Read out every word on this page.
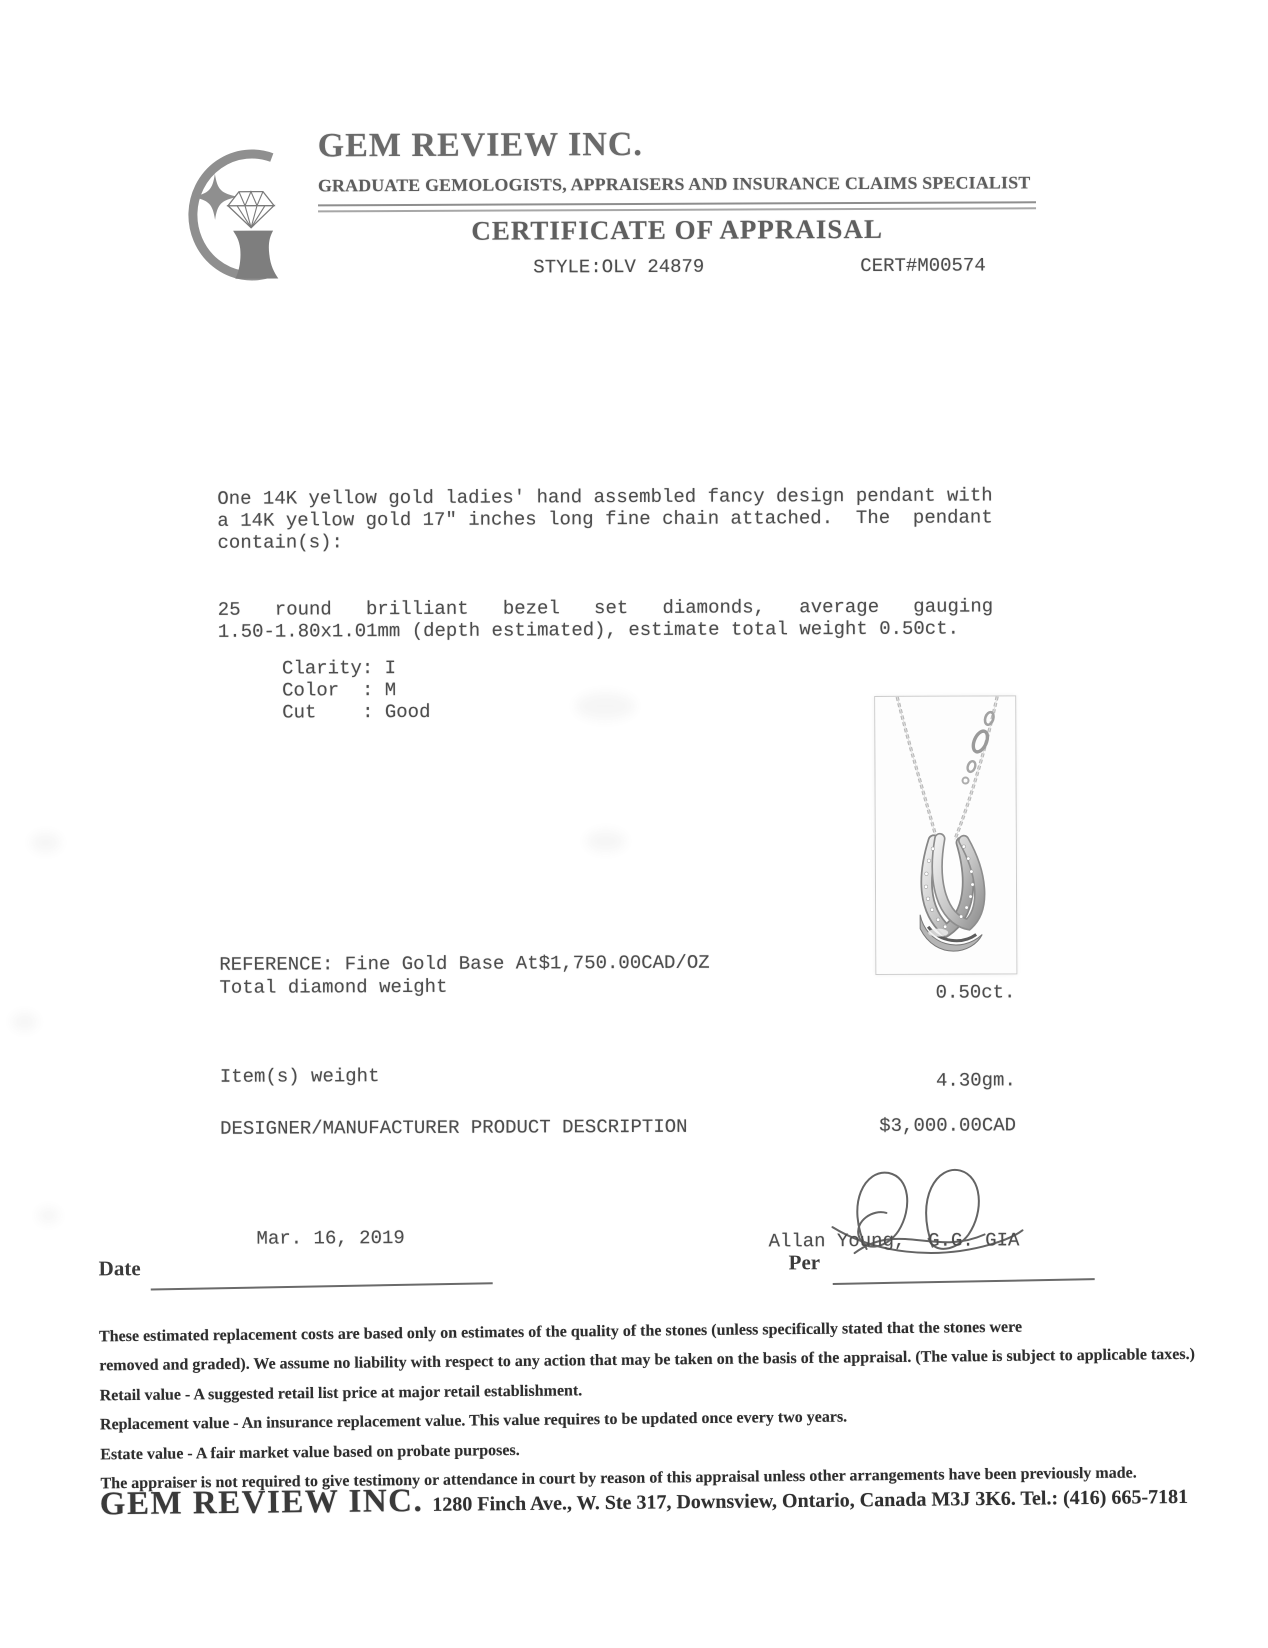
GEM REVIEW INC.
GRADUATE GEMOLOGISTS, APPRAISERS AND INSURANCE CLAIMS SPECIALIST
CERTIFICATE OF APPRAISAL
STYLE:OLV 24879	CERT#M00574
One 14K yellow gold ladies' hand assembled fancy design pendant with
a 14K yellow gold 17" inches long fine chain attached.  The  pendant
contain(s):
25   round   brilliant   bezel   set   diamonds,   average   gauging
1.50-1.80x1.01mm (depth estimated), estimate total weight 0.50ct.
Clarity: I
Color  : M
Cut    : Good
REFERENCE: Fine Gold Base At$1,750.00CAD/OZ
Total diamond weight	0.50ct.
Item(s) weight	4.30gm.
DESIGNER/MANUFACTURER PRODUCT DESCRIPTION	$3,000.00CAD
Mar. 16, 2019	Allan Young,  G.G. GIA
Date	Per
These estimated replacement costs are based only on estimates of the quality of the stones (unless specifically stated that the stones were
removed and graded). We assume no liability with respect to any action that may be taken on the basis of the appraisal. (The value is subject to applicable taxes.)
Retail value - A suggested retail list price at major retail establishment.
Replacement value - An insurance replacement value. This value requires to be updated once every two years.
Estate value - A fair market value based on probate purposes.
The appraiser is not required to give testimony or attendance in court by reason of this appraisal unless other arrangements have been previously made.
GEM REVIEW INC. 1280 Finch Ave., W. Ste 317, Downsview, Ontario, Canada M3J 3K6. Tel.: (416) 665-7181
